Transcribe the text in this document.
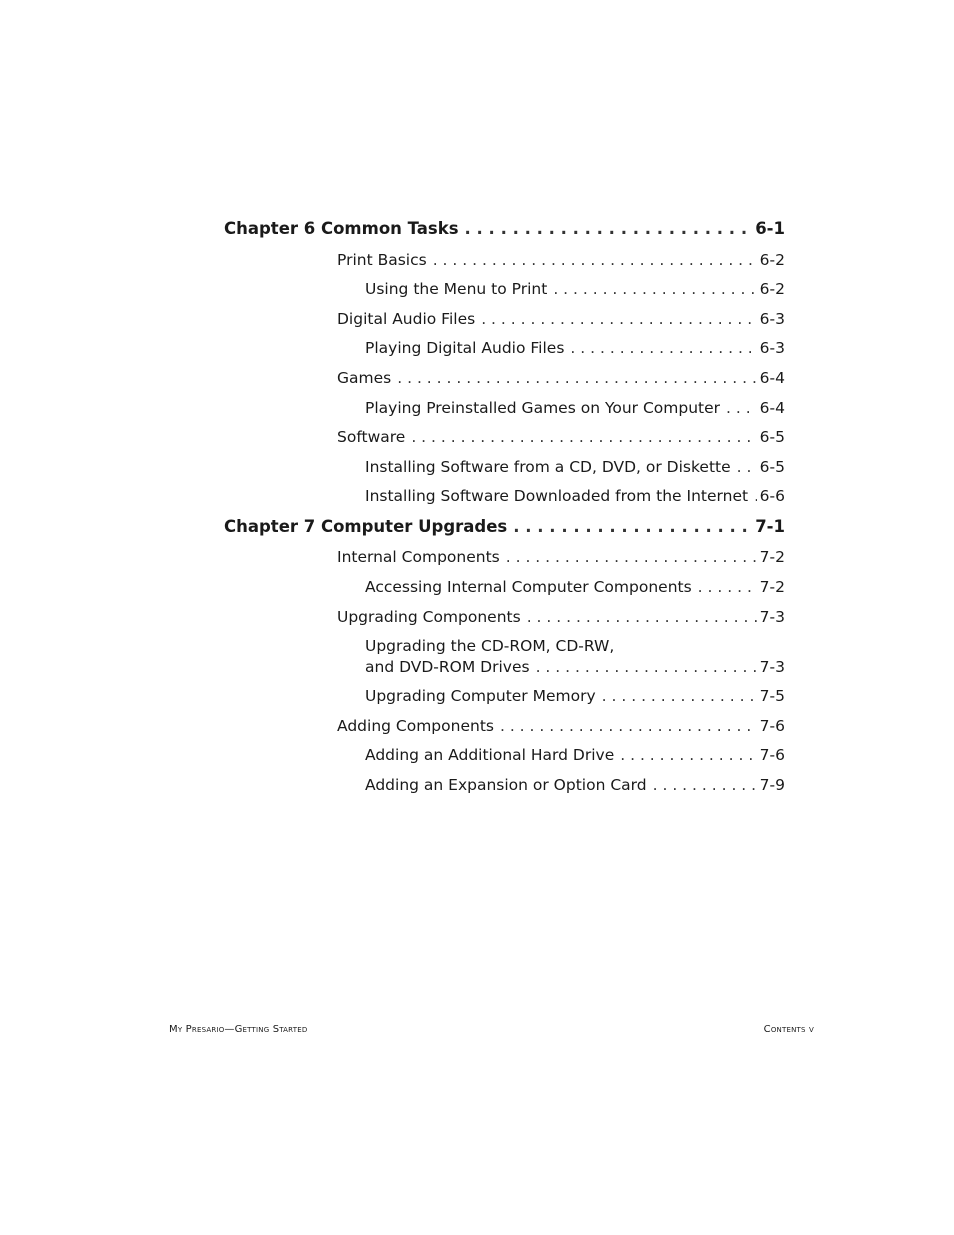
Chapter 6 Common Tasks . . .	6-1
Print Basics . . .	6-2
Using the Menu to Print . . .	6-2
Digital Audio Files . . .	6-3
Playing Digital Audio Files . . .	6-3
Games . . .	6-4
Playing Preinstalled Games on Your Computer . . .	6-4
Software . . .	6-5
Installing Software from a CD, DVD, or Diskette . . .	6-5
Installing Software Downloaded from the Internet . . . 6-6
Chapter 7 Computer Upgrades . . .	7-1
Internal Components . . .	7-2
Accessing Internal Computer Components . . .	7-2
Upgrading Components . . .	7-3
Upgrading the CD-ROM, CD-RW,
and DVD-ROM Drives . . .	7-3
Upgrading Computer Memory . . .	7-5
Adding Components . . .	7-6
Adding an Additional Hard Drive . . .	7-6
Adding an Expansion or Option Card . . .	7-9
My Presario—Getting Started	Contents v
